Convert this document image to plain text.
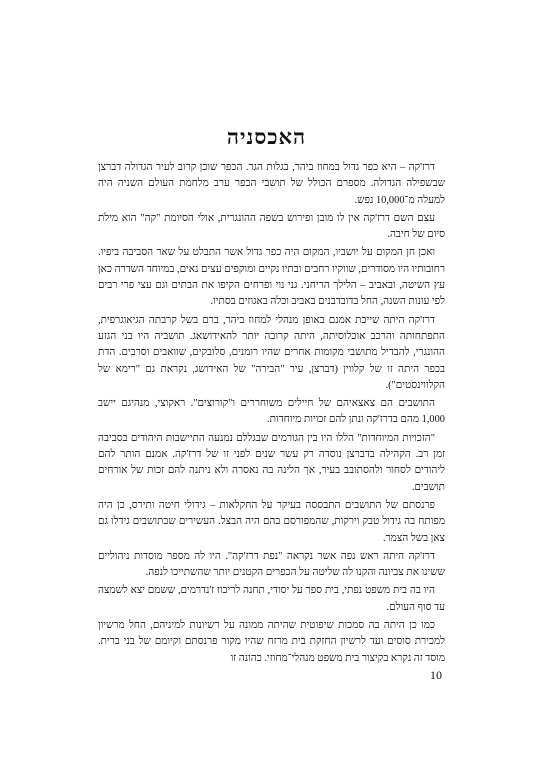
האכסניה

דרז'קה – היא כפר גדול במחוז ביהר, בגלות הגר. הכפר שוכן קרוב לעיר הגדולה דברצן שבשפילה הגדולה. מספרם הכולל של תושבי הכפר ערב מלחמת העולם השניה היה למעלה מ־10,000 נפש.

עצם השם דרז'קה אין לו מובן ופירוש בשפה ההונגרית, אולי הסיומת "קה" הוא מילת סיום של חיבה.

ואכן חן המקום על יושביו, המקום היה כפר גדול אשר התבלט על שאר הסביבה ביפיו. רחובותיו היו מסודרים, שווקיו רחבים ובתיו נקיים ומוקפים עצים נאים, במיוחד השדרה כאן עץ השיטה, ובאביב – הלילך הריחני. גני נוי ופרחים הקיפו את הבתים וגם עצי פרי רבים לפי עונות השנה, החל בדובדבנים באביב וכלה באגוזים בסתיו.

דרז'קה היתה שייכת אמנם באופן מנהלי למחוז ביהר, ברם בשל קרבתה הגיאוגרפית, התפתחותה והרכב אוכלוסיתה, היתה קרובה יותר להאידושאג. תושביה היו בני הגזע ההונגרי, להבדיל מתושבי מקומות אחרים שהיו רומנים, סלובקים, שוואבים וסרבים. הדת בכפר היתה זו של קלווין (דברצן, עיר "הבירה" של האידושג, נקראת גם "רימא של הקלווינסטים").

התושבים הם צאצאיהם של חיילים משוחררים ו"קורוצים". ראקוצי, מנהיגם יישב 1,000 מהם בדרז'קה ונתן להם זכויות מיוחדות.

"הזכויות המיוחדות" הללו היו בין הגורמים שבגללם נמנעה התיישבות היהודים בסביבה זמן רב. הקהילה בדברצן נוסדה רק עשר שנים לפני זו של דרז'קה. אמנם הותר להם ליהודים לסחור ולהסתובב בעיר, אך הלינה בה נאסרה ולא ניתנה להם זכות של אורחים תושבים.

פרנסתם של התושבים התבססה בעיקר על החקלאות – גידולי חיטה ותירס, כן היה מפותח בה גידול טבק וירקות, שהמפורסם בהם היה הבצל. העשירים שבתושבים גידלו גם צאן בשל הצמר.

דרז'קה היתה ראש נפה אשר נקראה "נפת דרז'קה". היו לה מספר מוסדות ניהוליים ששינו את צביונה והקנו לה שליטה על הכפרים הקטנים יותר שהשתייכו לנפה.

היו בה בית משפט נפתי, בית ספר על יסודי, תחנה לריכוז ז'נדרמים, ששמם יצא לשמצה עד סוף העולם.

כמו כן היתה בה סמכות שיפוטית שהיתה ממונה על רשיונות למיניהם, החל מרשיון למכירת סוסים ועד לרשיון החזקת בית מרזח שהיו מקור פרנסתם וקיומם של בני ברית. מוסד זה נקרא בקיצור בית משפט מנהלי־מחוזי. כהונה זו

10
